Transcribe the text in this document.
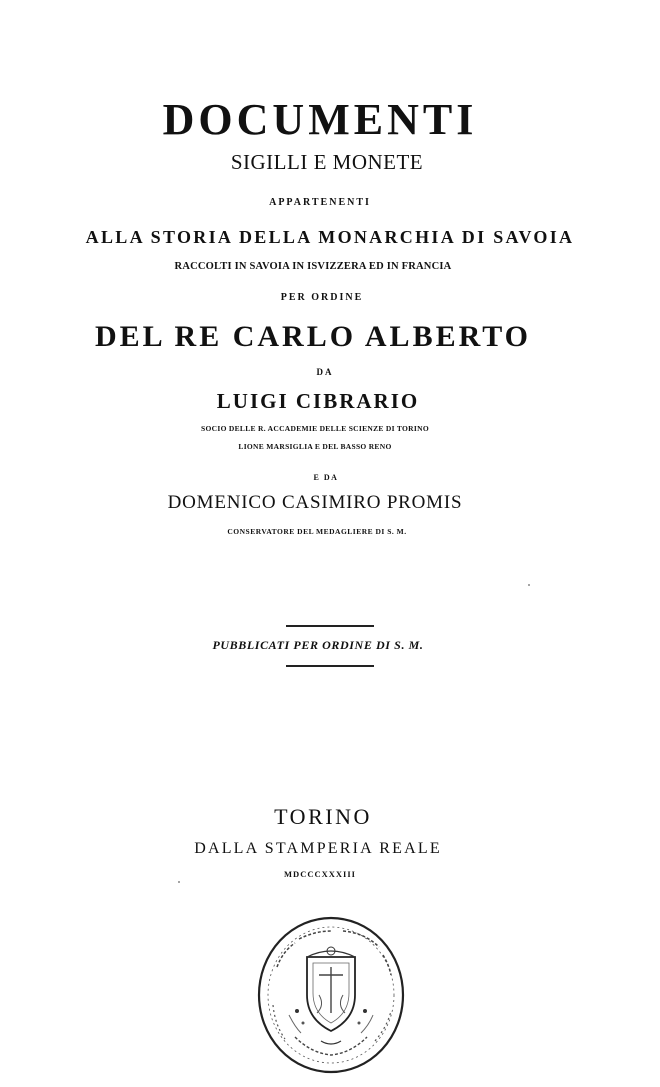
DOCUMENTI
SIGILLI E MONETE
APPARTENENTI
ALLA STORIA DELLA MONARCHIA DI SAVOIA
RACCOLTI IN SAVOIA IN ISVIZZERA ED IN FRANCIA
PER ORDINE
DEL RE CARLO ALBERTO
DA
LUIGI CIBRARIO
SOCIO DELLE R. ACCADEMIE DELLE SCIENZE DI TORINO
LIONE MARSIGLIA E DEL BASSO RENO
E DA
DOMENICO CASIMIRO PROMIS
CONSERVATORE DEL MEDAGLIERE DI S. M.
PUBBLICATI PER ORDINE DI S. M.
TORINO
DALLA STAMPERIA REALE
MDCCCXXXIII
